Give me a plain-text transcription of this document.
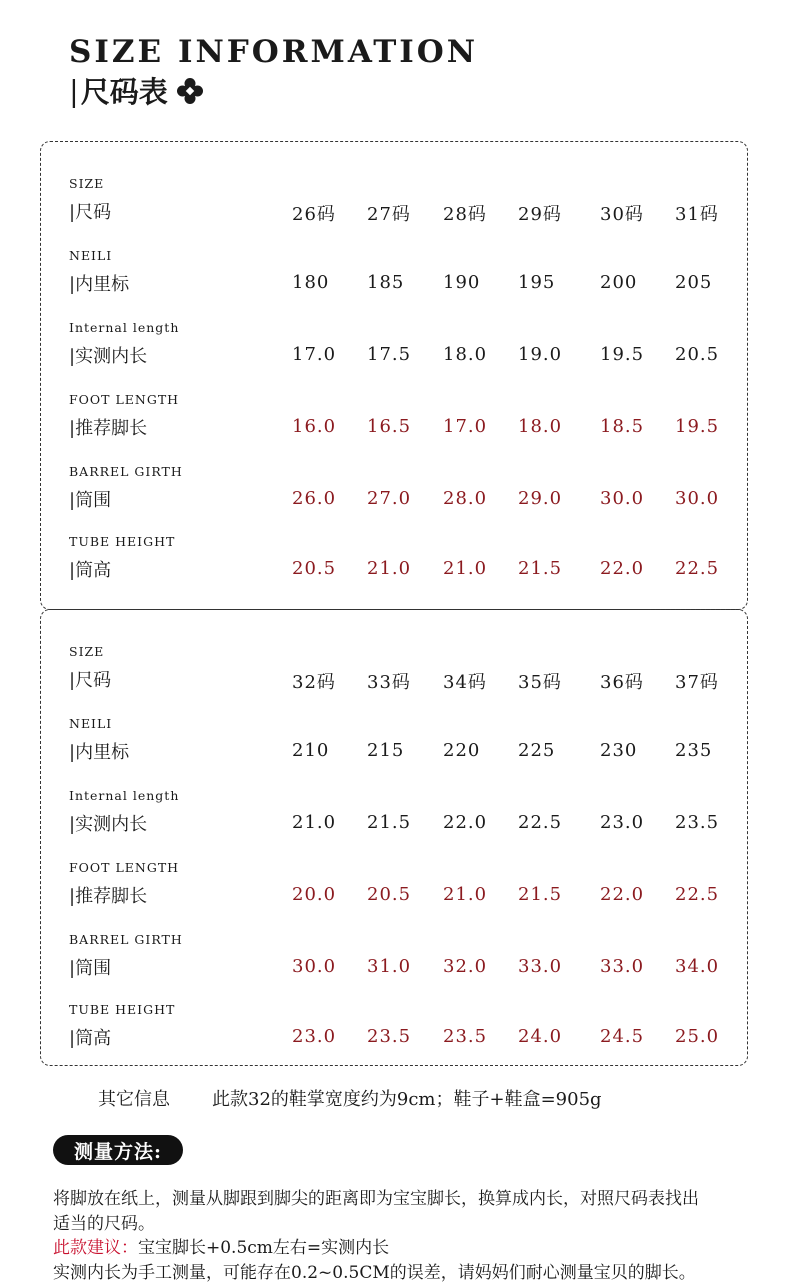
SIZE INFORMATION
| 尺码表
SIZE
|尺码	26码 27码 28码 29码 30码 31码
NEILI
|内里标	180 185 190 195 200 205
Internal length
|实测内长	17.0 17.5 18.0 19.0 19.5 20.5
FOOT LENGTH
|推荐脚长	16.0 16.5 17.0 18.0 18.5 19.5
BARREL GIRTH
|筒围	26.0 27.0 28.0 29.0 30.0 30.0
TUBE HEIGHT
|筒高	20.5 21.0 21.0 21.5 22.0 22.5
SIZE
|尺码	32码 33码 34码 35码 36码 37码
NEILI
|内里标	210 215 220 225 230 235
Internal length
|实测内长	21.0 21.5 22.0 22.5 23.0 23.5
FOOT LENGTH
|推荐脚长	20.0 20.5 21.0 21.5 22.0 22.5
BARREL GIRTH
|筒围	30.0 31.0 32.0 33.0 33.0 34.0
TUBE HEIGHT
|筒高	23.0 23.5 23.5 24.0 24.5 25.0
其它信息 此款32的鞋掌宽度约为9cm；鞋子+鞋盒=905g
测量方法:
将脚放在纸上，测量从脚跟到脚尖的距离即为宝宝脚长，换算成内长，对照尺码表找出
适当的尺码。
此款建议：宝宝脚长+0.5cm左右=实测内长
实测内长为手工测量，可能存在0.2~0.5CM的误差，请妈妈们耐心测量宝贝的脚长。
